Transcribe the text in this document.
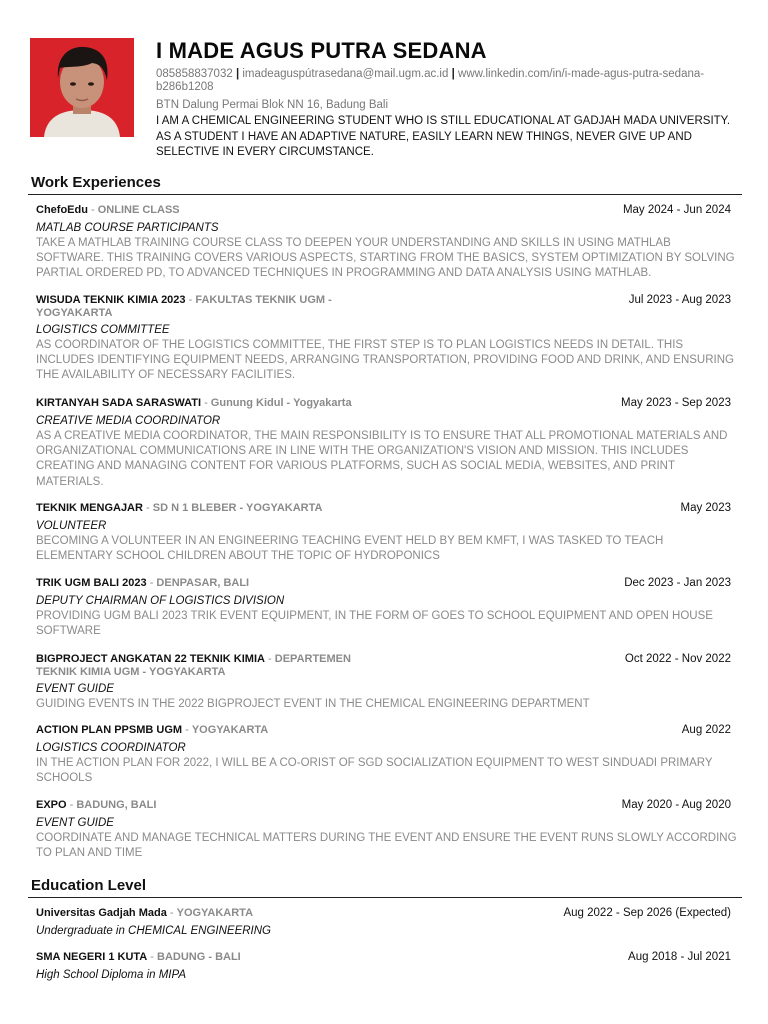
I MADE AGUS PUTRA SEDANA
085858837032 | imadeaguspútrasedana@mail.ugm.ac.id | www.linkedin.com/in/i-made-agus-putra-sedana-b286b1208
BTN Dalung Permai Blok NN 16, Badung Bali
I AM A CHEMICAL ENGINEERING STUDENT WHO IS STILL EDUCATIONAL AT GADJAH MADA UNIVERSITY. AS A STUDENT I HAVE AN ADAPTIVE NATURE, EASILY LEARN NEW THINGS, NEVER GIVE UP AND SELECTIVE IN EVERY CIRCUMSTANCE.
Work Experiences
ChefoEdu - ONLINE CLASS	May 2024 - Jun 2024
MATLAB COURSE PARTICIPANTS
TAKE A MATHLAB TRAINING COURSE CLASS TO DEEPEN YOUR UNDERSTANDING AND SKILLS IN USING MATHLAB SOFTWARE. THIS TRAINING COVERS VARIOUS ASPECTS, STARTING FROM THE BASICS, SYSTEM OPTIMIZATION BY SOLVING PARTIAL ORDERED PD, TO ADVANCED TECHNIQUES IN PROGRAMMING AND DATA ANALYSIS USING MATHLAB.
WISUDA TEKNIK KIMIA 2023 - FAKULTAS TEKNIK UGM -	Jul 2023 - Aug 2023
YOGYAKARTA
LOGISTICS COMMITTEE
AS COORDINATOR OF THE LOGISTICS COMMITTEE, THE FIRST STEP IS TO PLAN LOGISTICS NEEDS IN DETAIL. THIS INCLUDES IDENTIFYING EQUIPMENT NEEDS, ARRANGING TRANSPORTATION, PROVIDING FOOD AND DRINK, AND ENSURING THE AVAILABILITY OF NECESSARY FACILITIES.
KIRTANYAH SADA SARASWATI - Gunung Kidul - Yogyakarta	May 2023 - Sep 2023
CREATIVE MEDIA COORDINATOR
AS A CREATIVE MEDIA COORDINATOR, THE MAIN RESPONSIBILITY IS TO ENSURE THAT ALL PROMOTIONAL MATERIALS AND ORGANIZATIONAL COMMUNICATIONS ARE IN LINE WITH THE ORGANIZATION'S VISION AND MISSION. THIS INCLUDES CREATING AND MANAGING CONTENT FOR VARIOUS PLATFORMS, SUCH AS SOCIAL MEDIA, WEBSITES, AND PRINT MATERIALS.
TEKNIK MENGAJAR - SD N 1 BLEBER - YOGYAKARTA	May 2023
VOLUNTEER
BECOMING A VOLUNTEER IN AN ENGINEERING TEACHING EVENT HELD BY BEM KMFT, I WAS TASKED TO TEACH ELEMENTARY SCHOOL CHILDREN ABOUT THE TOPIC OF HYDROPONICS
TRIK UGM BALI 2023 - DENPASAR, BALI	Dec 2023 - Jan 2023
DEPUTY CHAIRMAN OF LOGISTICS DIVISION
PROVIDING UGM BALI 2023 TRIK EVENT EQUIPMENT, IN THE FORM OF GOES TO SCHOOL EQUIPMENT AND OPEN HOUSE SOFTWARE
BIGPROJECT ANGKATAN 22 TEKNIK KIMIA - DEPARTEMEN	Oct 2022 - Nov 2022
TEKNIK KIMIA UGM - YOGYAKARTA
EVENT GUIDE
GUIDING EVENTS IN THE 2022 BIGPROJECT EVENT IN THE CHEMICAL ENGINEERING DEPARTMENT
ACTION PLAN PPSMB UGM - YOGYAKARTA	Aug 2022
LOGISTICS COORDINATOR
IN THE ACTION PLAN FOR 2022, I WILL BE A CO-ORIST OF SGD SOCIALIZATION EQUIPMENT TO WEST SINDUADI PRIMARY SCHOOLS
EXPO - BADUNG, BALI	May 2020 - Aug 2020
EVENT GUIDE
COORDINATE AND MANAGE TECHNICAL MATTERS DURING THE EVENT AND ENSURE THE EVENT RUNS SLOWLY ACCORDING TO PLAN AND TIME
Education Level
Universitas Gadjah Mada - YOGYAKARTA	Aug 2022 - Sep 2026 (Expected)
Undergraduate in CHEMICAL ENGINEERING
SMA NEGERI 1 KUTA - BADUNG - BALI	Aug 2018 - Jul 2021
High School Diploma in MIPA
